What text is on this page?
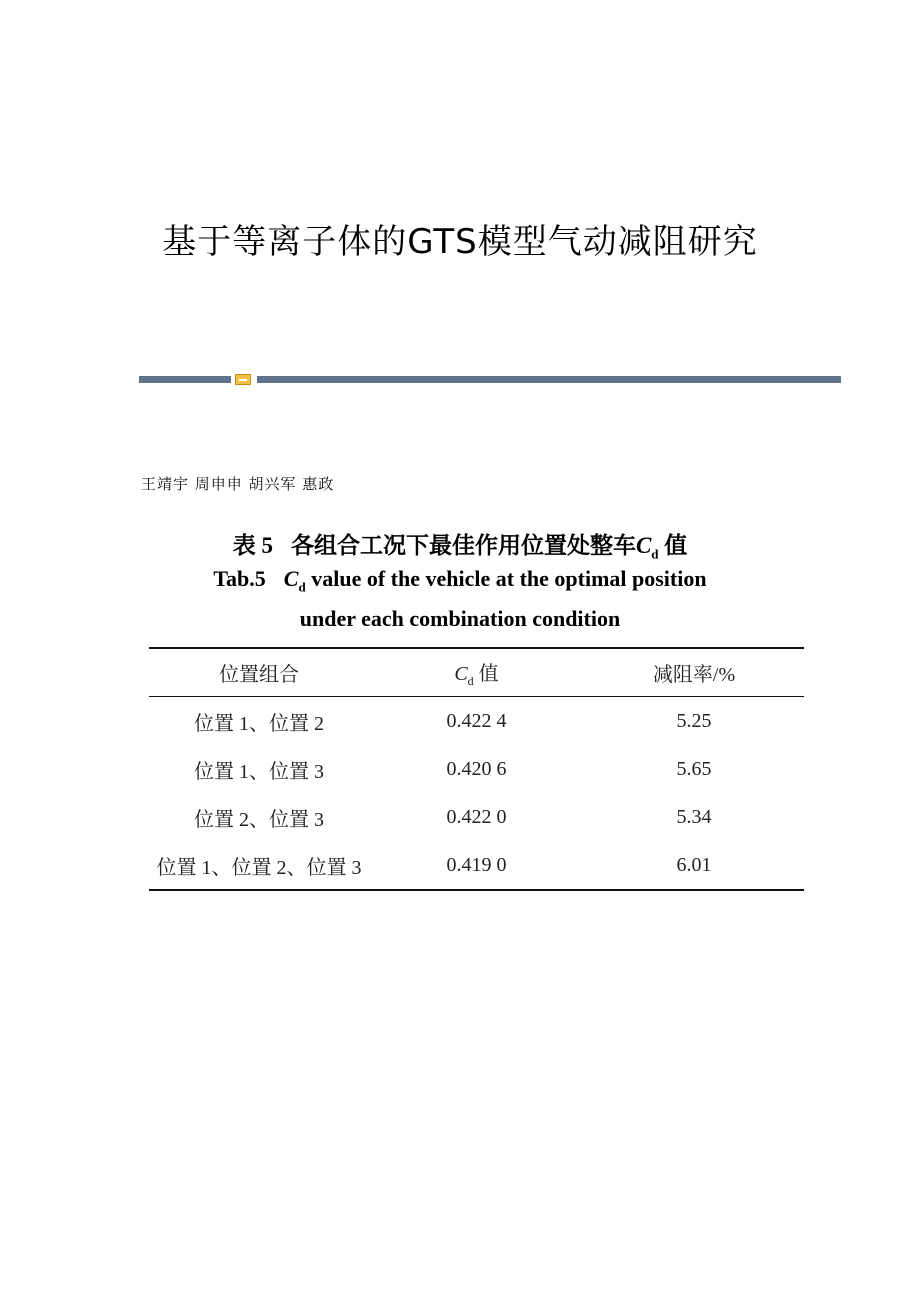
基于等离子体的GTS模型气动减阻研究
王靖宇 周申申 胡兴军 惠政
表 5 各组合工况下最佳作用位置处整车$C_d$ 值
Tab.5 $C_d$ value of the vehicle at the optimal position
under each combination condition
位置组合	$C_d$ 值	减阻率/%
位置 1、位置 2	0.422 4	5.25
位置 1、位置 3	0.420 6	5.65
位置 2、位置 3	0.422 0	5.34
位置 1、位置 2、位置 3	0.419 0	6.01
